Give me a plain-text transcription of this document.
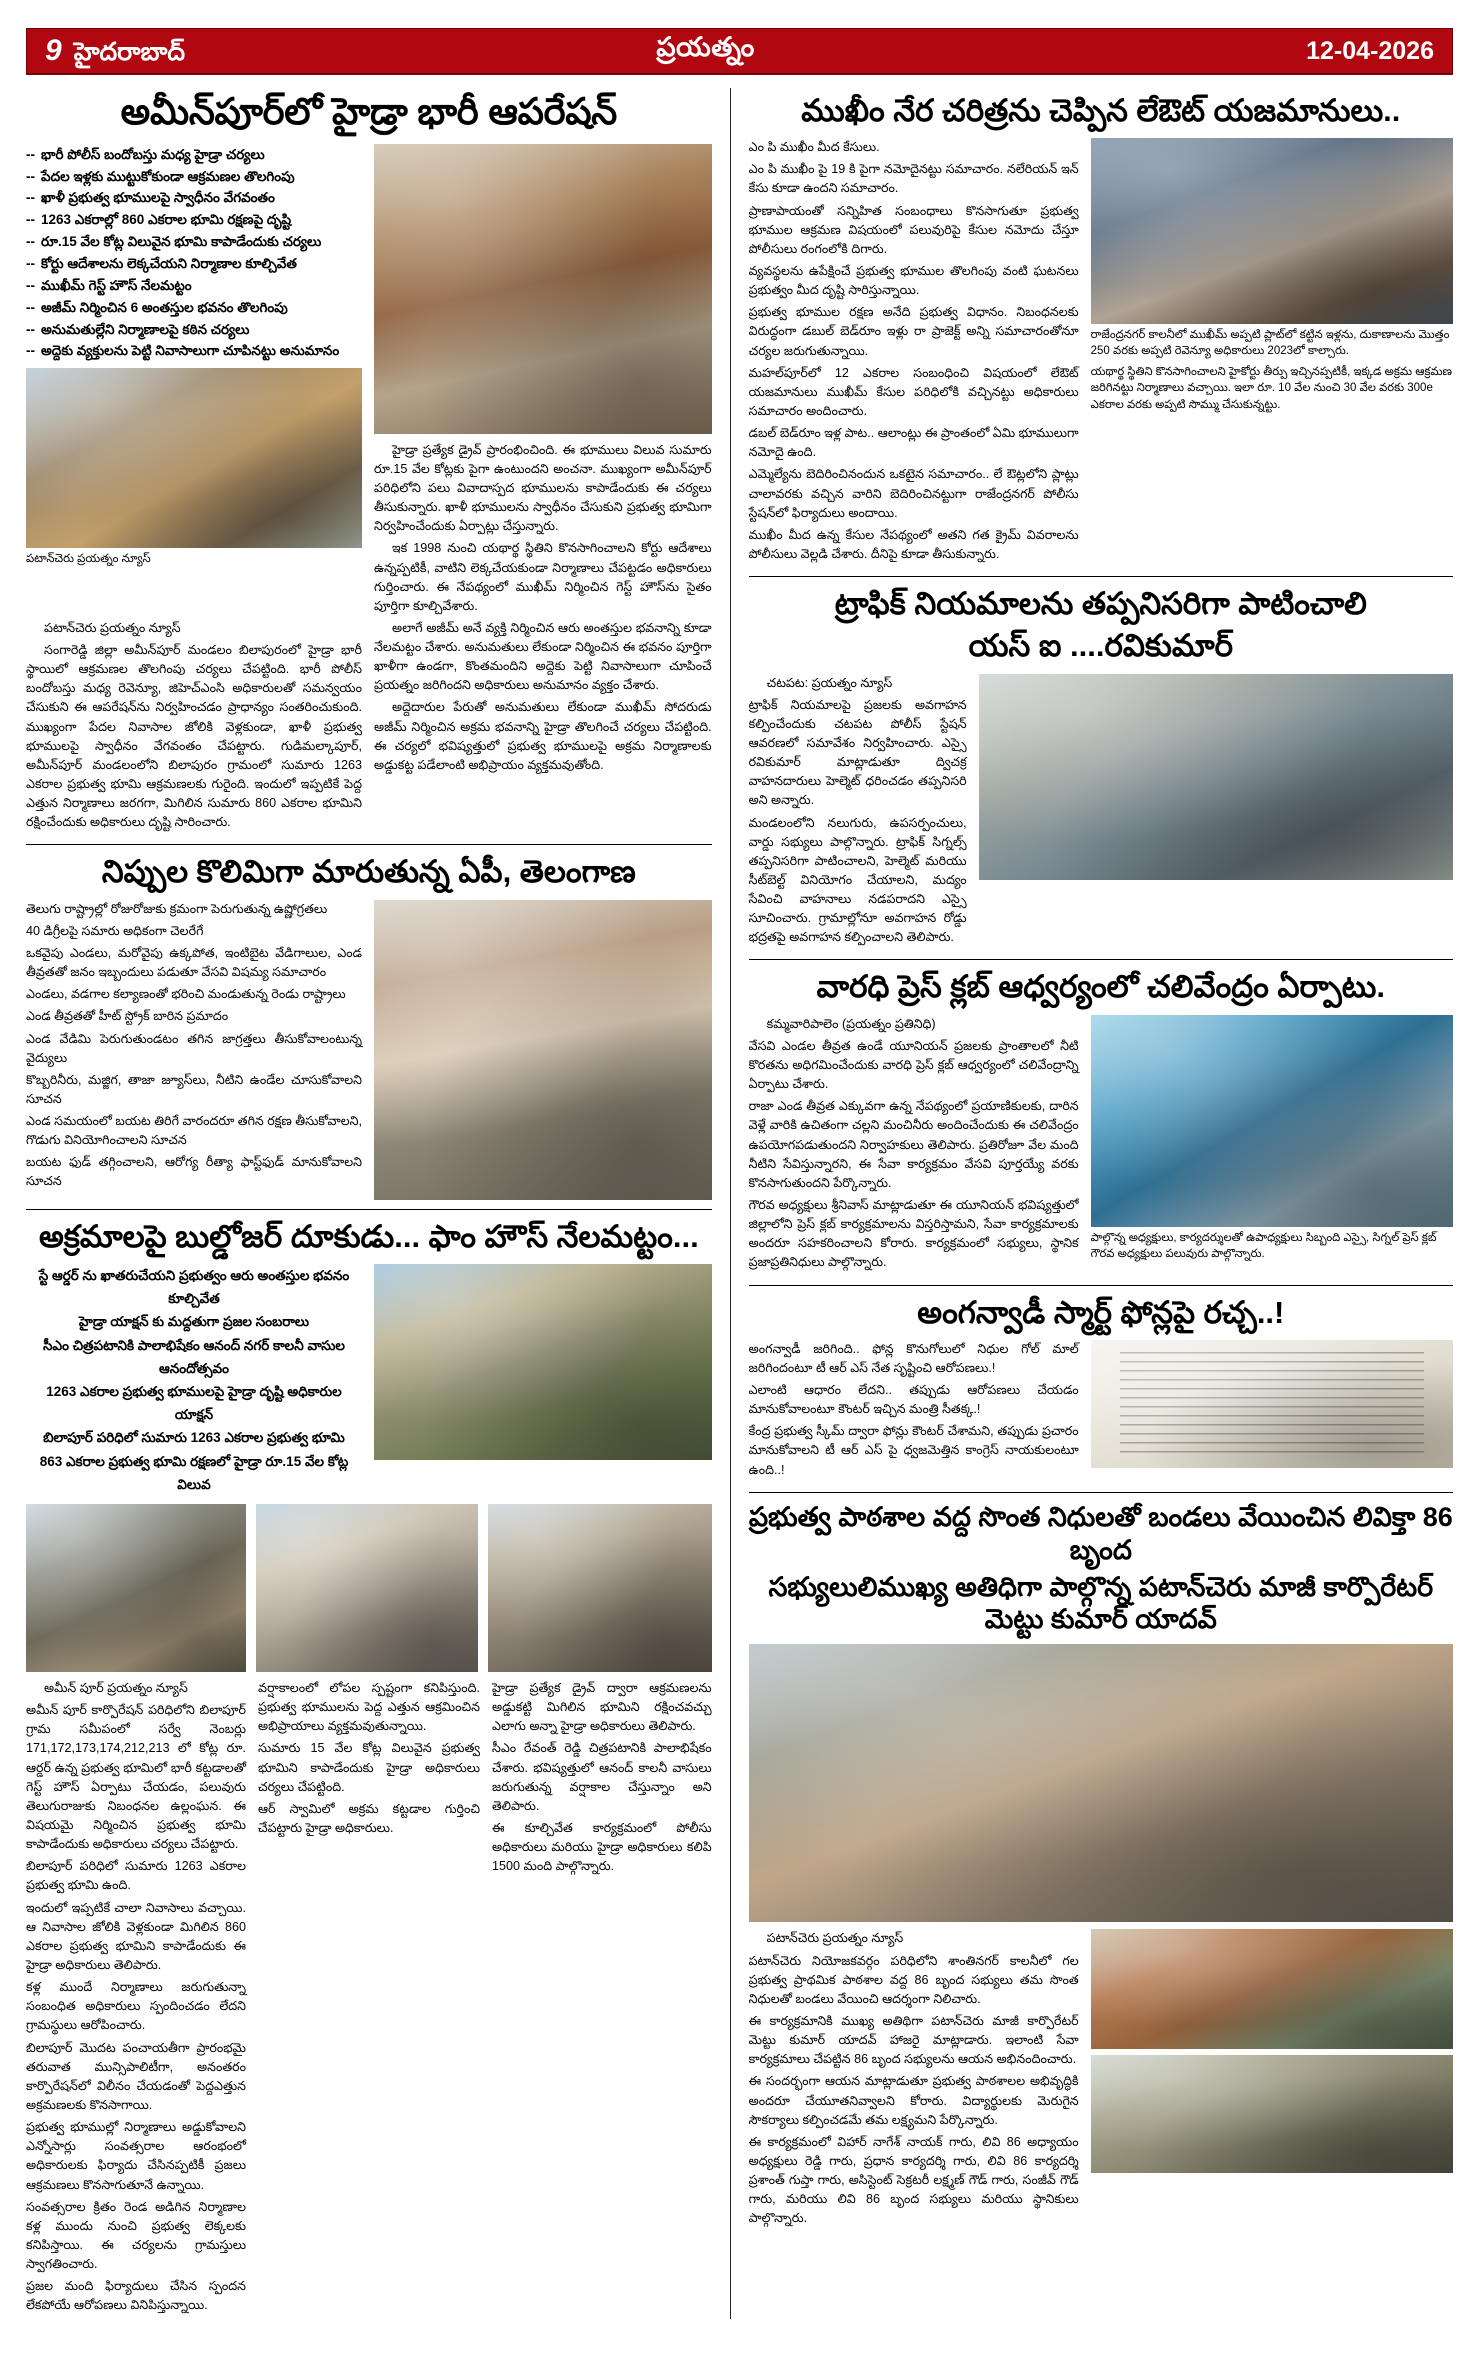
9 హైదరాబాద్	ప్రయత్నం	12-04-2026
అమీన్‌పూర్‌లో హైడ్రా భారీ ఆపరేషన్
-- భారీ పోలీస్ బందోబస్తు మధ్య హైడ్రా చర్యలు
-- పేదల ఇళ్లకు ముట్టుకోకుండా ఆక్రమణల తొలగింపు
-- ఖాళీ ప్రభుత్వ భూములపై స్వాధీనం వేగవంతం
-- 1263 ఎకరాల్లో 860 ఎకరాల భూమి రక్షణపై దృష్టి
-- రూ.15 వేల కోట్ల విలువైన భూమి కాపాడేందుకు చర్యలు
-- కోర్టు ఆదేశాలను లెక్కచేయని నిర్మాణాల కూల్చివేత
-- ముఖీమ్ గెస్ట్ హౌస్ నేలమట్టం
-- అజీమ్ నిర్మించిన 6 అంతస్తుల భవనం తొలగింపు
-- అనుమతుల్లేని నిర్మాణాలపై కఠిన చర్యలు
-- అద్దెకు వ్యక్తులను పెట్టి నివాసాలుగా చూపినట్టు అనుమానం
పటాన్‌చెరు ప్రయత్నం న్యూస్

హైడ్రా ప్రత్యేక డ్రైవ్ ప్రారంభించింది. ఈ భూములు విలువ సుమారు రూ.15 వేల కోట్లకు పైగా ఉంటుందని అంచనా. ముఖ్యంగా అమీన్‌పూర్ పరిధిలోని పలు వివాదాస్పద భూములను కాపాడేందుకు ఈ చర్యలు తీసుకున్నారు. ఖాళీ భూములను స్వాధీనం చేసుకుని ప్రభుత్వ భూమిగా నిర్వహించేందుకు ఏర్పాట్లు చేస్తున్నారు.

ఇక 1998 నుంచి యథార్థ స్థితిని కొనసాగించాలని కోర్టు ఆదేశాలు ఉన్నప్పటికీ, వాటిని లెక్కచేయకుండా నిర్మాణాలు చేపట్టడం అధికారులు గుర్తించారు. ఈ నేపథ్యంలో ముఖీమ్ నిర్మించిన గెస్ట్ హౌస్‌ను సైతం పూర్తిగా కూల్చివేశారు.

పటాన్‌చెరు ప్రయత్నం న్యూస్

సంగారెడ్డి జిల్లా అమీన్‌పూర్ మండలం బిలాపురంలో హైడ్రా భారీ స్థాయిలో ఆక్రమణల తొలగింపు చర్యలు చేపట్టింది. భారీ పోలీస్ బందోబస్తు మధ్య రెవెన్యూ, జిహెచ్ఎంసి అధికారులతో సమన్వయం చేసుకుని ఈ ఆపరేషన్‌ను నిర్వహించడం ప్రాధాన్యం సంతరించుకుంది. ముఖ్యంగా పేదల నివాసాల జోలికి వెళ్లకుండా, ఖాళీ ప్రభుత్వ భూములపై స్వాధీనం వేగవంతం చేపట్టారు. గుడిమల్కాపూర్, అమీన్‌పూర్ మండలంలోని బిలాపురం గ్రామంలో సుమారు 1263 ఎకరాల ప్రభుత్వ భూమి ఆక్రమణలకు గురైంది. ఇందులో ఇప్పటికే పెద్ద ఎత్తున నిర్మాణాలు జరగగా, మిగిలిన సుమారు 860 ఎకరాల భూమిని రక్షించేందుకు అధికారులు దృష్టి సారించారు.

అలాగే అజీమ్ అనే వ్యక్తి నిర్మించిన ఆరు అంతస్తుల భవనాన్ని కూడా నేలమట్టం చేశారు. అనుమతులు లేకుండా నిర్మించిన ఈ భవనం పూర్తిగా ఖాళీగా ఉండగా, కొంతమందిని అద్దెకు పెట్టి నివాసాలుగా చూపించే ప్రయత్నం జరిగిందని అధికారులు అనుమానం వ్యక్తం చేశారు.

అద్దెదారుల పేరుతో అనుమతులు లేకుండా ముఖీమ్ సోదరుడు అజీమ్ నిర్మించిన అక్రమ భవనాన్ని హైడ్రా తొలగించే చర్యలు చేపట్టింది. ఈ చర్యలో భవిష్యత్తులో ప్రభుత్వ భూములపై అక్రమ నిర్మాణాలకు అడ్డుకట్ట పడేలాంటి అభిప్రాయం వ్యక్తమవుతోంది.

నిప్పుల కొలిమిగా మారుతున్న ఏపీ, తెలంగాణ

తెలుగు రాష్ట్రాల్లో రోజురోజుకు క్రమంగా పెరుగుతున్న ఉష్ణోగ్రతలు

40 డిగ్రీలపై సమారు అధికంగా చెలరేగే

ఒకవైపు ఎండలు, మరోవైపు ఉక్కపోత, ఇంటిబైట వేడిగాలుల, ఎండ తీవ్రతతో జనం ఇబ్బందులు పడుతూ వేసవి విషమ్య సమాచారం

ఎండలు, వడగాల కల్యాణంతో భరించి మండుతున్న రెండు రాష్ట్రాలు

ఎండ తీవ్రతతో హీట్ స్ట్రోక్ బారిన ప్రమాదం

ఎండ వేడిమి పెరుగుతుండటం తగిన జాగ్రత్తలు తీసుకోవాలంటున్న వైద్యులు

కొబ్బరినీరు, మజ్జిగ, తాజా జ్యూస్‌లు, నీటిని ఉండేల చూసుకోవాలని సూచన

ఎండ సమయంలో బయట తిరిగే వారందరూ తగిన రక్షణ తీసుకోవాలని, గొడుగు వినియోగించాలని సూచన

బయట ఫుడ్ తగ్గించాలని, ఆరోగ్య రీత్యా ఫాస్ట్‌ఫుడ్ మానుకోవాలని సూచన

అక్రమాలపై బుల్డోజర్ దూకుడు... ఫాం హౌస్ నేలమట్టం...
స్టే ఆర్డర్ ను ఖాతరుచేయని ప్రభుత్వం ఆరు అంతస్తుల భవనం కూల్చివేత
హైడ్రా యాక్షన్ కు మద్దతుగా ప్రజల సంబరాలు
సీఎం చిత్రపటానికి పాలాభిషేకం ఆనంద్ నగర్ కాలనీ వాసుల ఆనందోత్సవం
1263 ఎకరాల ప్రభుత్వ భూములపై హైడ్రా దృష్టి అధికారుల యాక్షన్
బిలాపూర్ పరిధిలో సుమారు 1263 ఎకరాల ప్రభుత్వ భూమి
863 ఎకరాల ప్రభుత్వ భూమి రక్షణలో హైడ్రా రూ.15 వేల కోట్ల విలువ

అమీన్ పూర్ ప్రయత్నం న్యూస్

అమీన్ పూర్ కార్పొరేషన్ పరిధిలోని బిలాపూర్ గ్రామ సమీపంలో సర్వే నెంబర్లు 171,172,173,174,212,213 లో కోట్ల రూ. ఆర్డర్ ఉన్న ప్రభుత్వ భూమిలో భారీ కట్టడాలతో గెస్ట్ హౌస్ ఏర్పాటు చేయడం, పలువురు తెలుగురాజుకు నిబంధనల ఉల్లంఘన. ఈ విషయమై నిర్మించిన ప్రభుత్వ భూమి కాపాడేందుకు అధికారులు చర్యలు చేపట్టారు.

బిలాపూర్ పరిధిలో సుమారు 1263 ఎకరాల ప్రభుత్వ భూమి ఉంది.

ఇందులో ఇప్పటికే చాలా నివాసాలు వచ్చాయి. ఆ నివాసాల జోలికి వెళ్లకుండా మిగిలిన 860 ఎకరాల ప్రభుత్వ భూమిని కాపాడేందుకు ఈ హైడ్రా అధికారులు తెలిపారు.

కళ్ల ముందే నిర్మాణాలు జరుగుతున్నా సంబంధిత అధికారులు స్పందించడం లేదని గ్రామస్థులు ఆరోపించారు.

బిలాపూర్ మొదట పంచాయతీగా ప్రారంభమై తరువాత మున్సిపాలిటీగా, అనంతరం కార్పొరేషన్‌లో విలీనం చేయడంతో పెద్దఎత్తున అక్రమణలకు కొనసాగాయి.

ప్రభుత్వ భూముల్లో నిర్మాణాలు అడ్డుకోవాలని ఎన్నోసార్లు సంవత్సరాల ఆరంభంలో అధికారులకు ఫిర్యాదు చేసినప్పటికీ ప్రజలు ఆక్రమణలు కొనసాగుతూనే ఉన్నాయి.

సంవత్సరాల క్రితం రెండ అడిగిన నిర్మాణాల కళ్ల ముందు నుంచి ప్రభుత్వ లెక్కలకు కనిపిస్తాయి. ఈ చర్యలను గ్రామస్తులు స్వాగతించారు.

ప్రజల మంది ఫిర్యాదులు చేసిన స్పందన లేకపోయే ఆరోపణలు వినిపిస్తున్నాయి.

వర్షాకాలంలో లోపల స్పష్టంగా కనిపిస్తుంది. ప్రభుత్వ భూములను పెద్ద ఎత్తున ఆక్రమించిన అభిప్రాయాలు వ్యక్తమవుతున్నాయి.

సుమారు 15 వేల కోట్ల విలువైన ప్రభుత్వ భూమిని కాపాడేందుకు హైడ్రా అధికారులు చర్యలు చేపట్టింది.

ఆర్ స్వామిలో అక్రమ కట్టడాల గుర్తించి చేపట్టారు హైడ్రా అధికారులు.

హైడ్రా ప్రత్యేక డ్రైవ్ ద్వారా ఆక్రమణలను అడ్డుకట్టి మిగిలిన భూమిని రక్షించవచ్చు ఎలాగు అన్నా హైడ్రా అధికారులు తెలిపారు.

సీఎం రేవంత్ రెడ్డి చిత్రపటానికి పాలాభిషేకం చేశారు. భవిష్యత్తులో ఆనంద్ కాలనీ వాసులు జరుగుతున్న వర్షాకాల చేస్తున్నాం అని తెలిపారు.

ఈ కూల్చివేత కార్యక్రమంలో పోలీసు అధికారులు మరియు హైడ్రా అధికారులు కలిపి 1500 మంది పాల్గొన్నారు.

ముఖీం నేర చరిత్రను చెప్పిన లేఔట్ యజమానులు..

ఎం పి ముఖీం మీద కేసులు.

ఎం పి ముఖీం పై 19 కి పైగా నమోదైనట్టు సమాచారం. నలేరియన్ ఇన్ కేసు కూడా ఉందని సమాచారం.

ప్రాణాపాయంతో సన్నిహిత సంబంధాలు కొనసాగుతూ ప్రభుత్వ భూముల ఆక్రమణ విషయంలో పలువురిపై కేసుల నమోదు చేస్తూ పోలీసులు రంగంలోకి దిగారు.

వ్యవస్థలను ఉపేక్షించే ప్రభుత్వ భూముల తొలగింపు వంటి ఘటనలు ప్రభుత్వం మీద దృష్టి సారిస్తున్నాయి.

ప్రభుత్వ భూముల రక్షణ అనేది ప్రభుత్వ విధానం. నిబంధనలకు విరుద్ధంగా డబుల్ బెడ్‌రూం ఇళ్లు రా ప్రాజెక్ట్ అన్ని సమాచారంతోనూ చర్యల జరుగుతున్నాయి.

మహల్‌పూర్‌లో 12 ఎకరాల సంబంధించి విషయంలో లేఔట్ యజమానులు ముఖీమ్ కేసుల పరిధిలోకి వచ్చినట్టు అధికారులు సమాచారం అందించారు.

డబల్ బెడ్‌రూం ఇళ్ల పాట.. ఆలాంట్లు ఈ ప్రాంతంలో ఏమి భూములుగా నమోదై ఉంది.

ఎమ్మెల్యేను బెదిరించినందున ఒకటైన సమాచారం.. లే ఔట్లలోని ప్లాట్లు చాలావరకు వచ్చిన వారిని బెదిరించినట్టుగా రాజేంద్రనగర్ పోలీసు స్టేషన్‌లో ఫిర్యాదులు అందాయి.

ముఖీం మీద ఉన్న కేసుల నేపథ్యంలో అతని గత క్రైమ్ వివరాలను పోలీసులు వెల్లడి చేశారు. దీనిపై కూడా తీసుకున్నారు.

రాజేంద్రనగర్ కాలనీలో ముఖీమ్ అప్పటి ప్లాట్‌లో కట్టిన ఇళ్లను, దుకాణాలను మొత్తం 250 వరకు అప్పటి రెవెన్యూ అధికారులు 2023లో కాల్చారు.
యథార్థ స్థితిని కొనసాగించాలని హైకోర్టు తీర్పు ఇచ్చినప్పటికీ, ఇక్కడ అక్రమ ఆక్రమణ జరిగినట్టు నిర్మాణాలు వచ్చాయి. ఇలా రూ. 10 వేల నుంచి 30 వేల వరకు 300e ఎకరాల వరకు అప్పటి సొమ్ము చేసుకున్నట్టు.
ట్రాఫిక్ నియమాలను తప్పనిసరిగా పాటించాలి
యస్ ఐ ....రవికుమార్

చటపట: ప్రయత్నం న్యూస్

ట్రాఫిక్ నియమాలపై ప్రజలకు అవగాహన కల్పించేందుకు చటపట పోలీస్ స్టేషన్ ఆవరణలో సమావేశం నిర్వహించారు. ఎస్సై రవికుమార్ మాట్లాడుతూ ద్విచక్ర వాహనదారులు హెల్మెట్ ధరించడం తప్పనిసరి అని అన్నారు.

మండలంలోని నలుగురు, ఉపసర్పంచులు, వార్డు సభ్యులు పాల్గొన్నారు. ట్రాఫిక్ సిగ్నల్స్ తప్పనిసరిగా పాటించాలని, హెల్మెట్ మరియు సీట్‌బెల్ట్ వినియోగం చేయాలని, మద్యం సేవించి వాహనాలు నడపరాదని ఎస్సై సూచించారు. గ్రామాల్లోనూ అవగాహన రోడ్డు భద్రతపై అవగాహన కల్పించాలని తెలిపారు.

వారధి ప్రెస్ క్లబ్ ఆధ్వర్యంలో చలివేంద్రం ఏర్పాటు.

కమ్మవారిపాలెం (ప్రయత్నం ప్రతినిధి)

వేసవి ఎండల తీవ్రత ఉండే యూనియన్ ప్రజలకు ప్రాంతాలలో నీటి కొరతను అధిగమించేందుకు వారధి ప్రెస్ క్లబ్ ఆధ్వర్యంలో చలివేంద్రాన్ని ఏర్పాటు చేశారు.

రాజా ఎండ తీవ్రత ఎక్కువగా ఉన్న నేపథ్యంలో ప్రయాణికులకు, దారిన వెళ్లే వారికి ఉచితంగా చల్లని మంచినీరు అందించేందుకు ఈ చలివేంద్రం ఉపయోగపడుతుందని నిర్వాహకులు తెలిపారు. ప్రతిరోజూ వేల మంది నీటిని సేవిస్తున్నారని, ఈ సేవా కార్యక్రమం వేసవి పూర్తయ్యే వరకు కొనసాగుతుందని పేర్కొన్నారు.

గౌరవ అధ్యక్షులు శ్రీనివాస్ మాట్లాడుతూ ఈ యూనియన్ భవిష్యత్తులో జిల్లాలోని ప్రెస్ క్లబ్ కార్యక్రమాలను విస్తరిస్తామని, సేవా కార్యక్రమాలకు అందరూ సహకరించాలని కోరారు. కార్యక్రమంలో సభ్యులు, స్థానిక ప్రజాప్రతినిధులు పాల్గొన్నారు.

పాల్గొన్న అధ్యక్షులు, కార్యదర్శులతో ఉపాధ్యక్షులు సిబ్బంది ఎస్సై, సిగ్నల్ ప్రెస్ క్లబ్ గౌరవ అధ్యక్షులు పలువురు పాల్గొన్నారు.
అంగన్వాడీ స్మార్ట్ ఫోన్లపై రచ్చ..!

అంగన్వాడీ జరిగింది.. ఫోన్ల కొనుగోలులో నిధుల గోల్ మాల్ జరిగిందంటూ టీ ఆర్ ఎస్ నేత సృష్టించి ఆరోపణలు.!

ఎలాంటి ఆధారం లేదని.. తప్పుడు ఆరోపణలు చేయడం మానుకోవాలంటూ కౌంటర్ ఇచ్చిన మంత్రి సీతక్క.!

కేంద్ర ప్రభుత్వ స్కీమ్ ద్వారా ఫోన్లు కౌంటర్ చేశామని, తప్పుడు ప్రచారం మానుకోవాలని టీ ఆర్ ఎస్ పై ధ్వజమెత్తిన కాంగ్రెస్ నాయకులంటూ ఉంది..!

ప్రభుత్వ పాఠశాల వద్ద సొంత నిధులతో బండలు వేయించిన లివిక్తా 86 బృంద
సభ్యులులిముఖ్య అతిధిగా పాల్గొన్న పటాన్‌చెరు మాజీ కార్పొరేటర్ మెట్టు కుమార్ యాదవ్

పటాన్‌చెరు ప్రయత్నం న్యూస్

పటాన్‌చెరు నియోజకవర్గం పరిధిలోని శాంతినగర్ కాలనీలో గల ప్రభుత్వ ప్రాథమిక పాఠశాల వద్ద 86 బృంద సభ్యులు తమ సొంత నిధులతో బండలు వేయించి ఆదర్శంగా నిలిచారు.

ఈ కార్యక్రమానికి ముఖ్య అతిథిగా పటాన్‌చెరు మాజీ కార్పొరేటర్ మెట్టు కుమార్ యాదవ్ హాజరై మాట్లాడారు. ఇలాంటి సేవా కార్యక్రమాలు చేపట్టిన 86 బృంద సభ్యులను ఆయన అభినందించారు.

ఈ సందర్భంగా ఆయన మాట్లాడుతూ ప్రభుత్వ పాఠశాలల అభివృద్ధికి అందరూ చేయూతనివ్వాలని కోరారు. విద్యార్థులకు మెరుగైన సౌకర్యాలు కల్పించడమే తమ లక్ష్యమని పేర్కొన్నారు.

ఈ కార్యక్రమంలో విహార్ నాగేశ్ నాయక్ గారు, లివి 86 అధ్యాయం అధ్యక్షులు రెడ్డి గారు, ప్రధాన కార్యదర్శి గారు, లివి 86 కార్యదర్శి ప్రశాంత్ గుప్తా గారు, అసిస్టెంట్ సెక్రటరీ లక్ష్మణ్ గౌడ్ గారు, సంజీవ్ గౌడ్ గారు, మరియు లివి 86 బృంద సభ్యులు మరియు స్థానికులు పాల్గొన్నారు.
